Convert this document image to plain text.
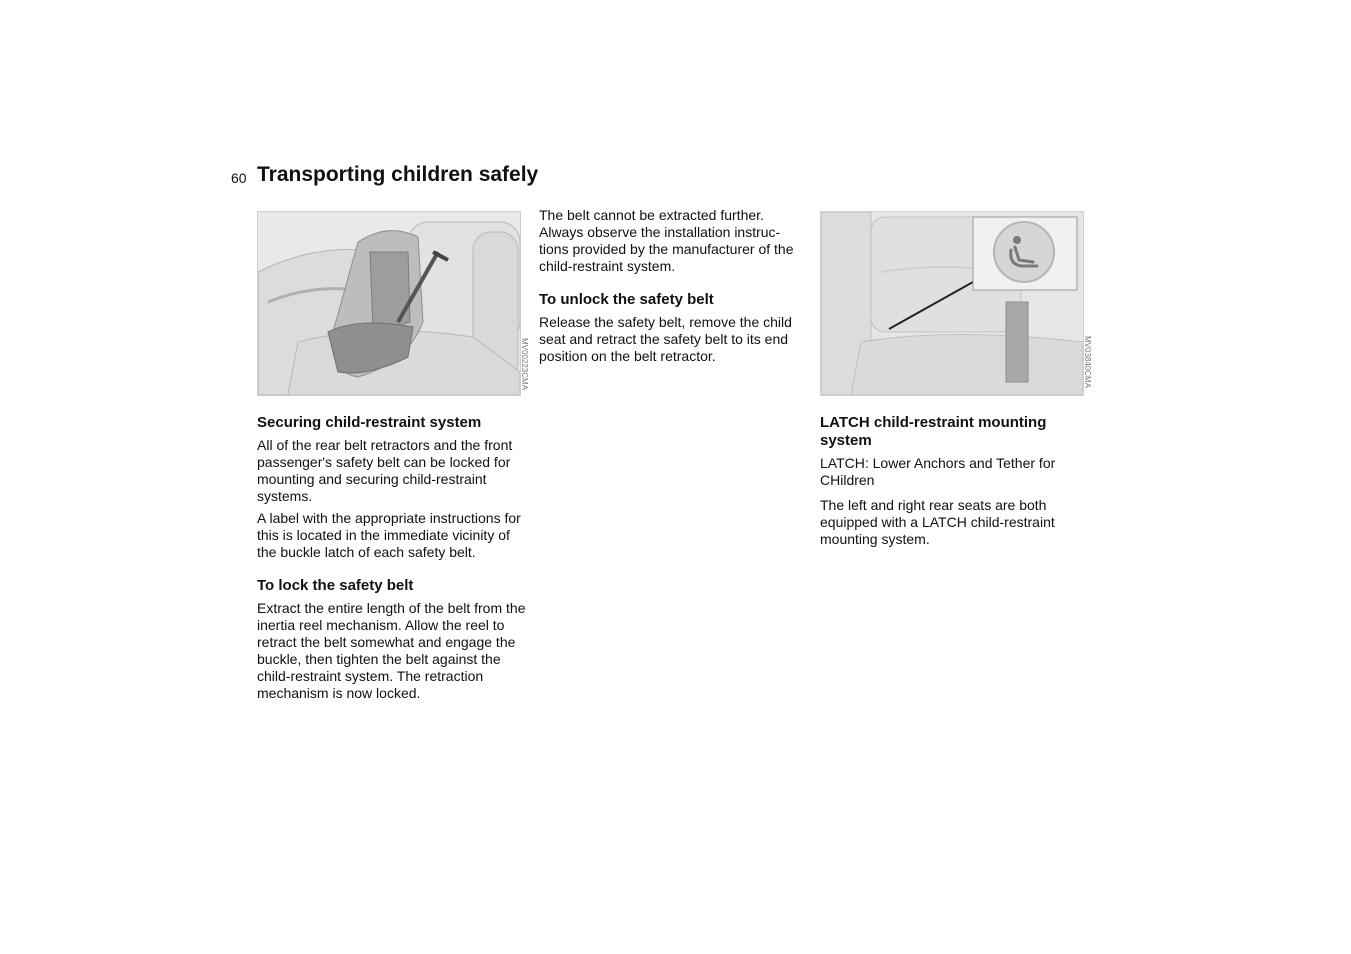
60 Transporting children safely
MV00223CMA	MV03840CMA
Securing child-restraint system

All of the rear belt retractors and the front passenger's safety belt can be locked for mounting and securing child-restraint systems.

A label with the appropriate instructions for this is located in the immediate vicinity of the buckle latch of each safety belt.

To lock the safety belt

Extract the entire length of the belt from the inertia reel mechanism. Allow the reel to retract the belt somewhat and engage the buckle, then tighten the belt against the child-restraint system. The retraction mechanism is now locked.

The belt cannot be extracted further. Always observe the installation instruc-tions provided by the manufacturer of the child-restraint system.

To unlock the safety belt

Release the safety belt, remove the child seat and retract the safety belt to its end position on the belt retractor.

LATCH child-restraint mounting system

LATCH: Lower Anchors and Tether for CHildren

The left and right rear seats are both equipped with a LATCH child-restraint mounting system.
